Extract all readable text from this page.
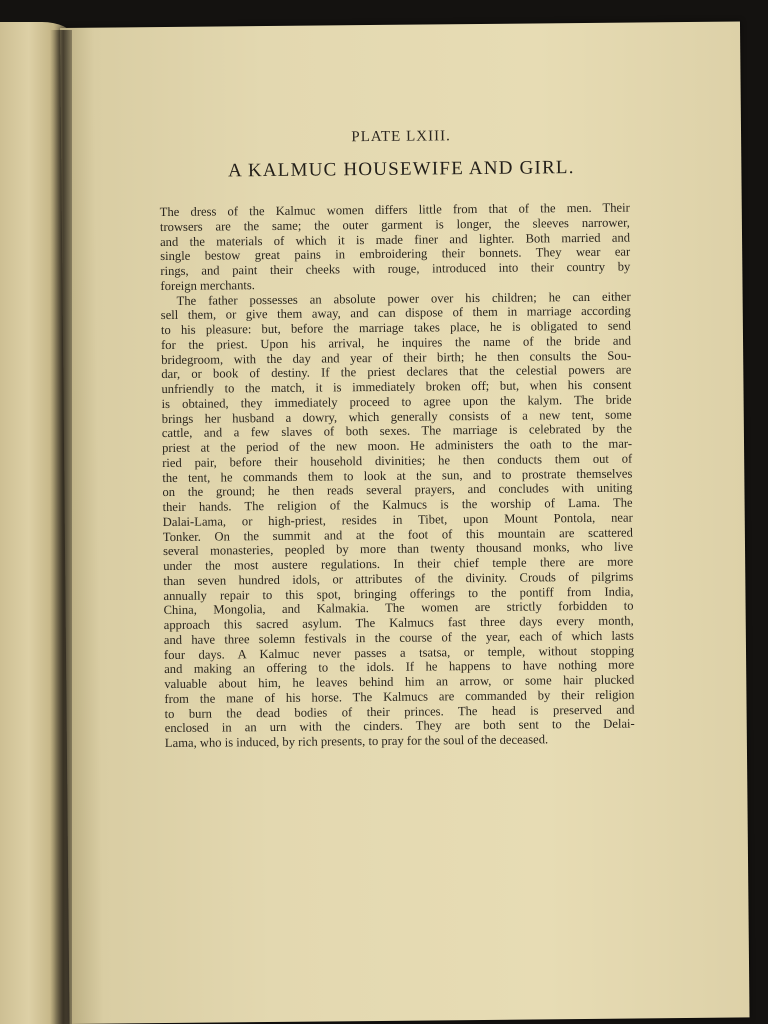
PLATE LXIII.
A KALMUC HOUSEWIFE AND GIRL.
The dress of the Kalmuc women differs little from that of the men. Their
trowsers are the same; the outer garment is longer, the sleeves narrower,
and the materials of which it is made finer and lighter. Both married and
single bestow great pains in embroidering their bonnets. They wear ear
rings, and paint their cheeks with rouge, introduced into their country by
foreign merchants.
The father possesses an absolute power over his children; he can either
sell them, or give them away, and can dispose of them in marriage according
to his pleasure: but, before the marriage takes place, he is obligated to send
for the priest. Upon his arrival, he inquires the name of the bride and
bridegroom, with the day and year of their birth; he then consults the Sou-
dar, or book of destiny. If the priest declares that the celestial powers are
unfriendly to the match, it is immediately broken off; but, when his consent
is obtained, they immediately proceed to agree upon the kalym. The bride
brings her husband a dowry, which generally consists of a new tent, some
cattle, and a few slaves of both sexes. The marriage is celebrated by the
priest at the period of the new moon. He administers the oath to the mar-
ried pair, before their household divinities; he then conducts them out of
the tent, he commands them to look at the sun, and to prostrate themselves
on the ground; he then reads several prayers, and concludes with uniting
their hands. The religion of the Kalmucs is the worship of Lama. The
Dalai-Lama, or high-priest, resides in Tibet, upon Mount Pontola, near
Tonker. On the summit and at the foot of this mountain are scattered
several monasteries, peopled by more than twenty thousand monks, who live
under the most austere regulations. In their chief temple there are more
than seven hundred idols, or attributes of the divinity. Crouds of pilgrims
annually repair to this spot, bringing offerings to the pontiff from India,
China, Mongolia, and Kalmakia. The women are strictly forbidden to
approach this sacred asylum. The Kalmucs fast three days every month,
and have three solemn festivals in the course of the year, each of which lasts
four days. A Kalmuc never passes a tsatsa, or temple, without stopping
and making an offering to the idols. If he happens to have nothing more
valuable about him, he leaves behind him an arrow, or some hair plucked
from the mane of his horse. The Kalmucs are commanded by their religion
to burn the dead bodies of their princes. The head is preserved and
enclosed in an urn with the cinders. They are both sent to the Delai-
Lama, who is induced, by rich presents, to pray for the soul of the deceased.
